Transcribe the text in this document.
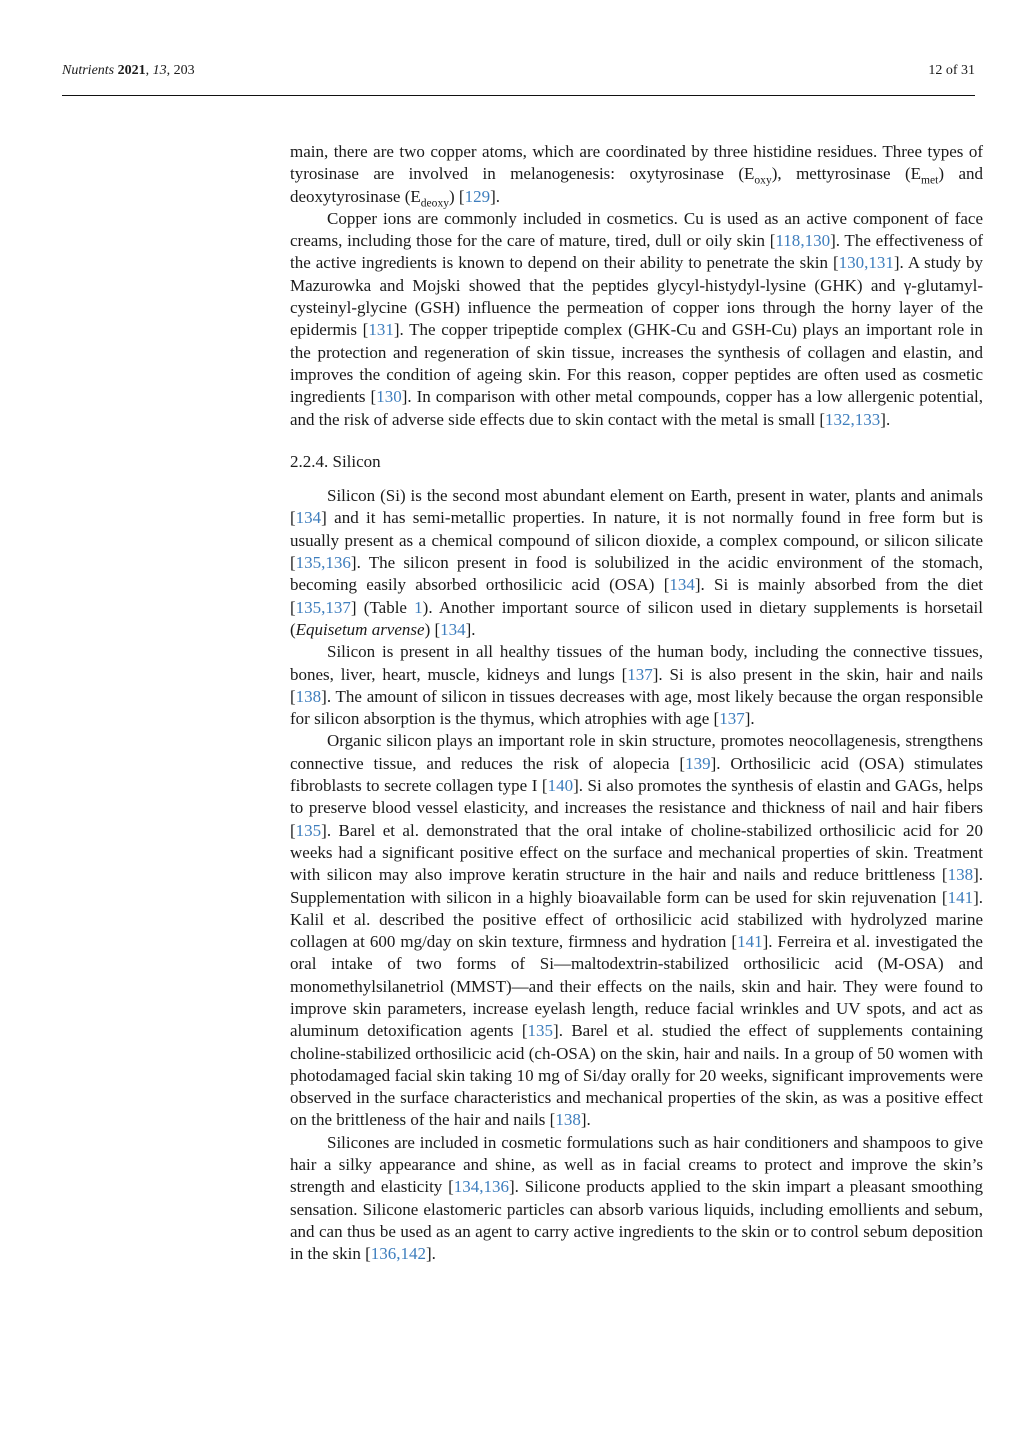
Nutrients 2021, 13, 203	12 of 31

main, there are two copper atoms, which are coordinated by three histidine residues. Three types of tyrosinase are involved in melanogenesis: oxytyrosinase $(E_{oxy})$, mettyrosinase $(E_{met})$ and deoxytyrosinase $(E_{deoxy})$ [129].

Copper ions are commonly included in cosmetics. Cu is used as an active component of face creams, including those for the care of mature, tired, dull or oily skin [118,130]. The effectiveness of the active ingredients is known to depend on their ability to penetrate the skin [130,131]. A study by Mazurowka and Mojski showed that the peptides glycyl-histydyl-lysine (GHK) and γ-glutamyl-cysteinyl-glycine (GSH) influence the permeation of copper ions through the horny layer of the epidermis [131]. The copper tripeptide complex (GHK-Cu and GSH-Cu) plays an important role in the protection and regeneration of skin tissue, increases the synthesis of collagen and elastin, and improves the condition of ageing skin. For this reason, copper peptides are often used as cosmetic ingredients [130]. In comparison with other metal compounds, copper has a low allergenic potential, and the risk of adverse side effects due to skin contact with the metal is small [132,133].

2.2.4. Silicon

Silicon (Si) is the second most abundant element on Earth, present in water, plants and animals [134] and it has semi-metallic properties. In nature, it is not normally found in free form but is usually present as a chemical compound of silicon dioxide, a complex compound, or silicon silicate [135,136]. The silicon present in food is solubilized in the acidic environment of the stomach, becoming easily absorbed orthosilicic acid (OSA) [134]. Si is mainly absorbed from the diet [135,137] (Table 1). Another important source of silicon used in dietary supplements is horsetail (Equisetum arvense) [134].

Silicon is present in all healthy tissues of the human body, including the connective tissues, bones, liver, heart, muscle, kidneys and lungs [137]. Si is also present in the skin, hair and nails [138]. The amount of silicon in tissues decreases with age, most likely because the organ responsible for silicon absorption is the thymus, which atrophies with age [137].

Organic silicon plays an important role in skin structure, promotes neocollagenesis, strengthens connective tissue, and reduces the risk of alopecia [139]. Orthosilicic acid (OSA) stimulates fibroblasts to secrete collagen type I [140]. Si also promotes the synthesis of elastin and GAGs, helps to preserve blood vessel elasticity, and increases the resistance and thickness of nail and hair fibers [135]. Barel et al. demonstrated that the oral intake of choline-stabilized orthosilicic acid for 20 weeks had a significant positive effect on the surface and mechanical properties of skin. Treatment with silicon may also improve keratin structure in the hair and nails and reduce brittleness [138]. Supplementation with silicon in a highly bioavailable form can be used for skin rejuvenation [141]. Kalil et al. described the positive effect of orthosilicic acid stabilized with hydrolyzed marine collagen at 600 mg/day on skin texture, firmness and hydration [141]. Ferreira et al. investigated the oral intake of two forms of Si—maltodextrin-stabilized orthosilicic acid (M-OSA) and monomethylsilanetriol (MMST)—and their effects on the nails, skin and hair. They were found to improve skin parameters, increase eyelash length, reduce facial wrinkles and UV spots, and act as aluminum detoxification agents [135]. Barel et al. studied the effect of supplements containing choline-stabilized orthosilicic acid (ch-OSA) on the skin, hair and nails. In a group of 50 women with photodamaged facial skin taking 10 mg of Si/day orally for 20 weeks, significant improvements were observed in the surface characteristics and mechanical properties of the skin, as was a positive effect on the brittleness of the hair and nails [138].

Silicones are included in cosmetic formulations such as hair conditioners and shampoos to give hair a silky appearance and shine, as well as in facial creams to protect and improve the skin’s strength and elasticity [134,136]. Silicone products applied to the skin impart a pleasant smoothing sensation. Silicone elastomeric particles can absorb various liquids, including emollients and sebum, and can thus be used as an agent to carry active ingredients to the skin or to control sebum deposition in the skin [136,142].
